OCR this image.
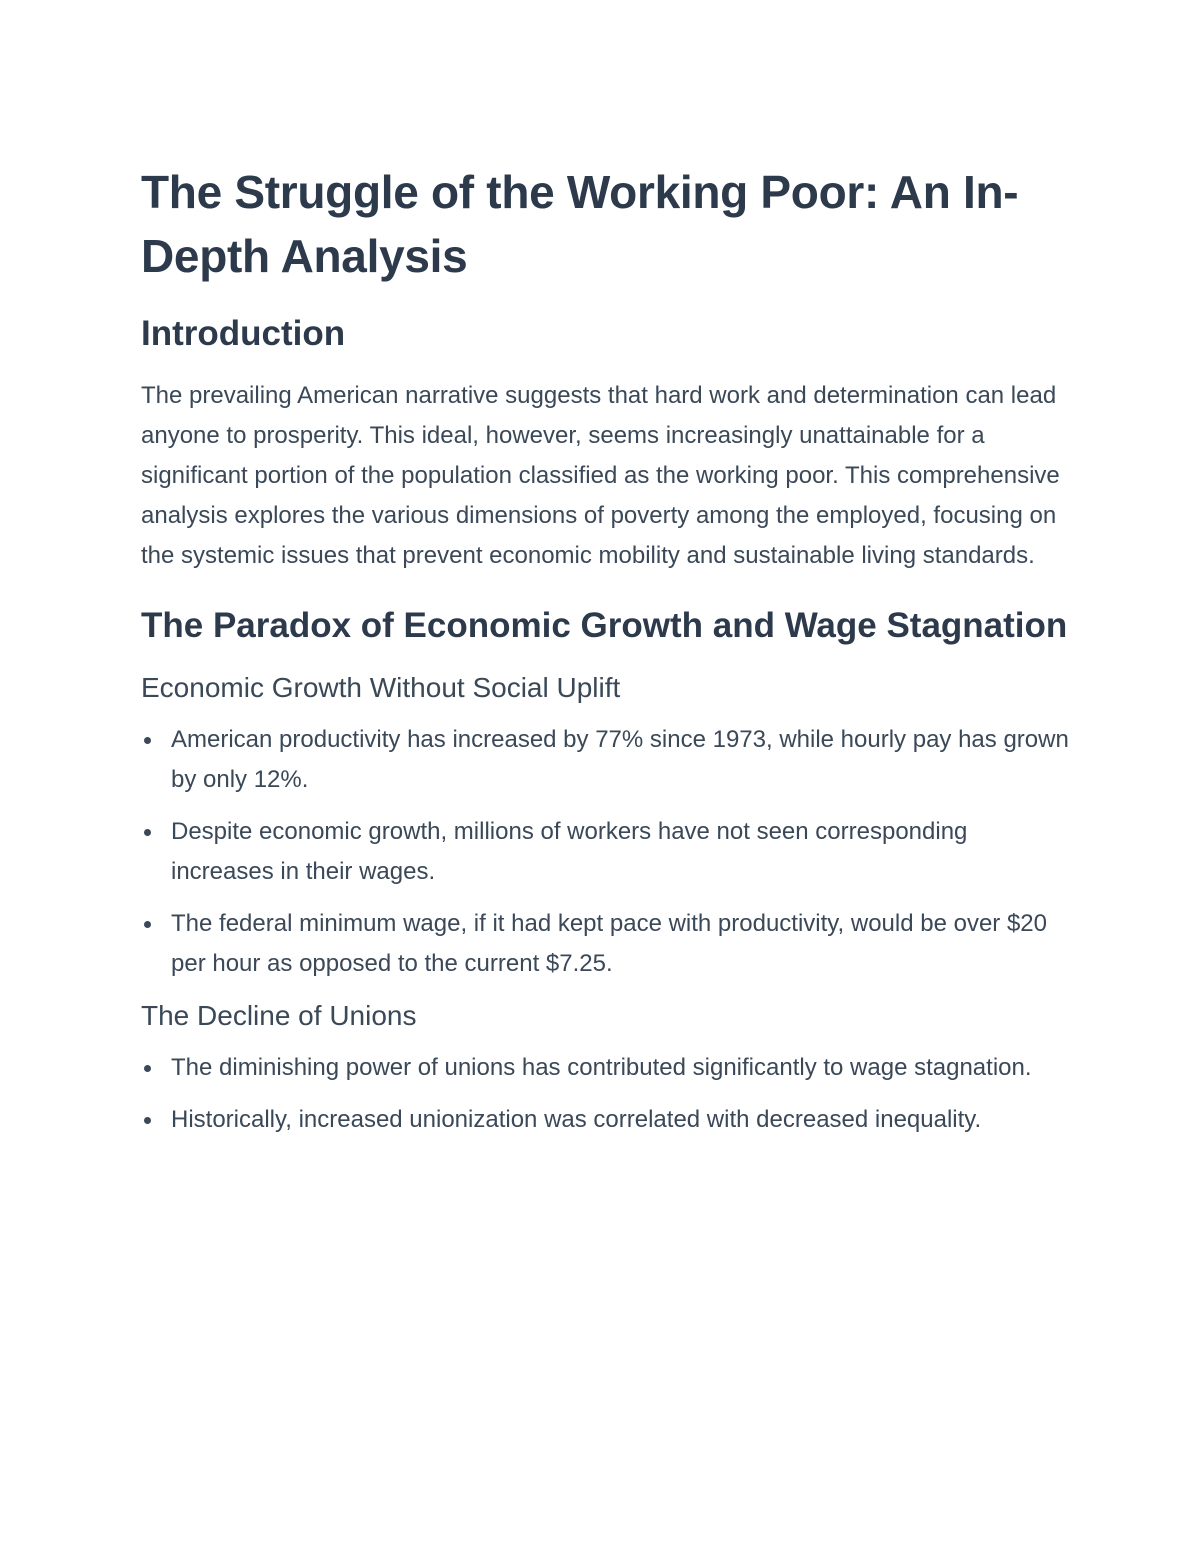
The Struggle of the Working Poor: An In-Depth Analysis
Introduction

The prevailing American narrative suggests that hard work and determination can lead anyone to prosperity. This ideal, however, seems increasingly unattainable for a significant portion of the population classified as the working poor. This comprehensive analysis explores the various dimensions of poverty among the employed, focusing on the systemic issues that prevent economic mobility and sustainable living standards.

The Paradox of Economic Growth and Wage Stagnation
Economic Growth Without Social Uplift
American productivity has increased by 77% since 1973, while hourly pay has grown by only 12%.
Despite economic growth, millions of workers have not seen corresponding increases in their wages.
The federal minimum wage, if it had kept pace with productivity, would be over $20 per hour as opposed to the current $7.25.
The Decline of Unions
The diminishing power of unions has contributed significantly to wage stagnation.
Historically, increased unionization was correlated with decreased inequality.
